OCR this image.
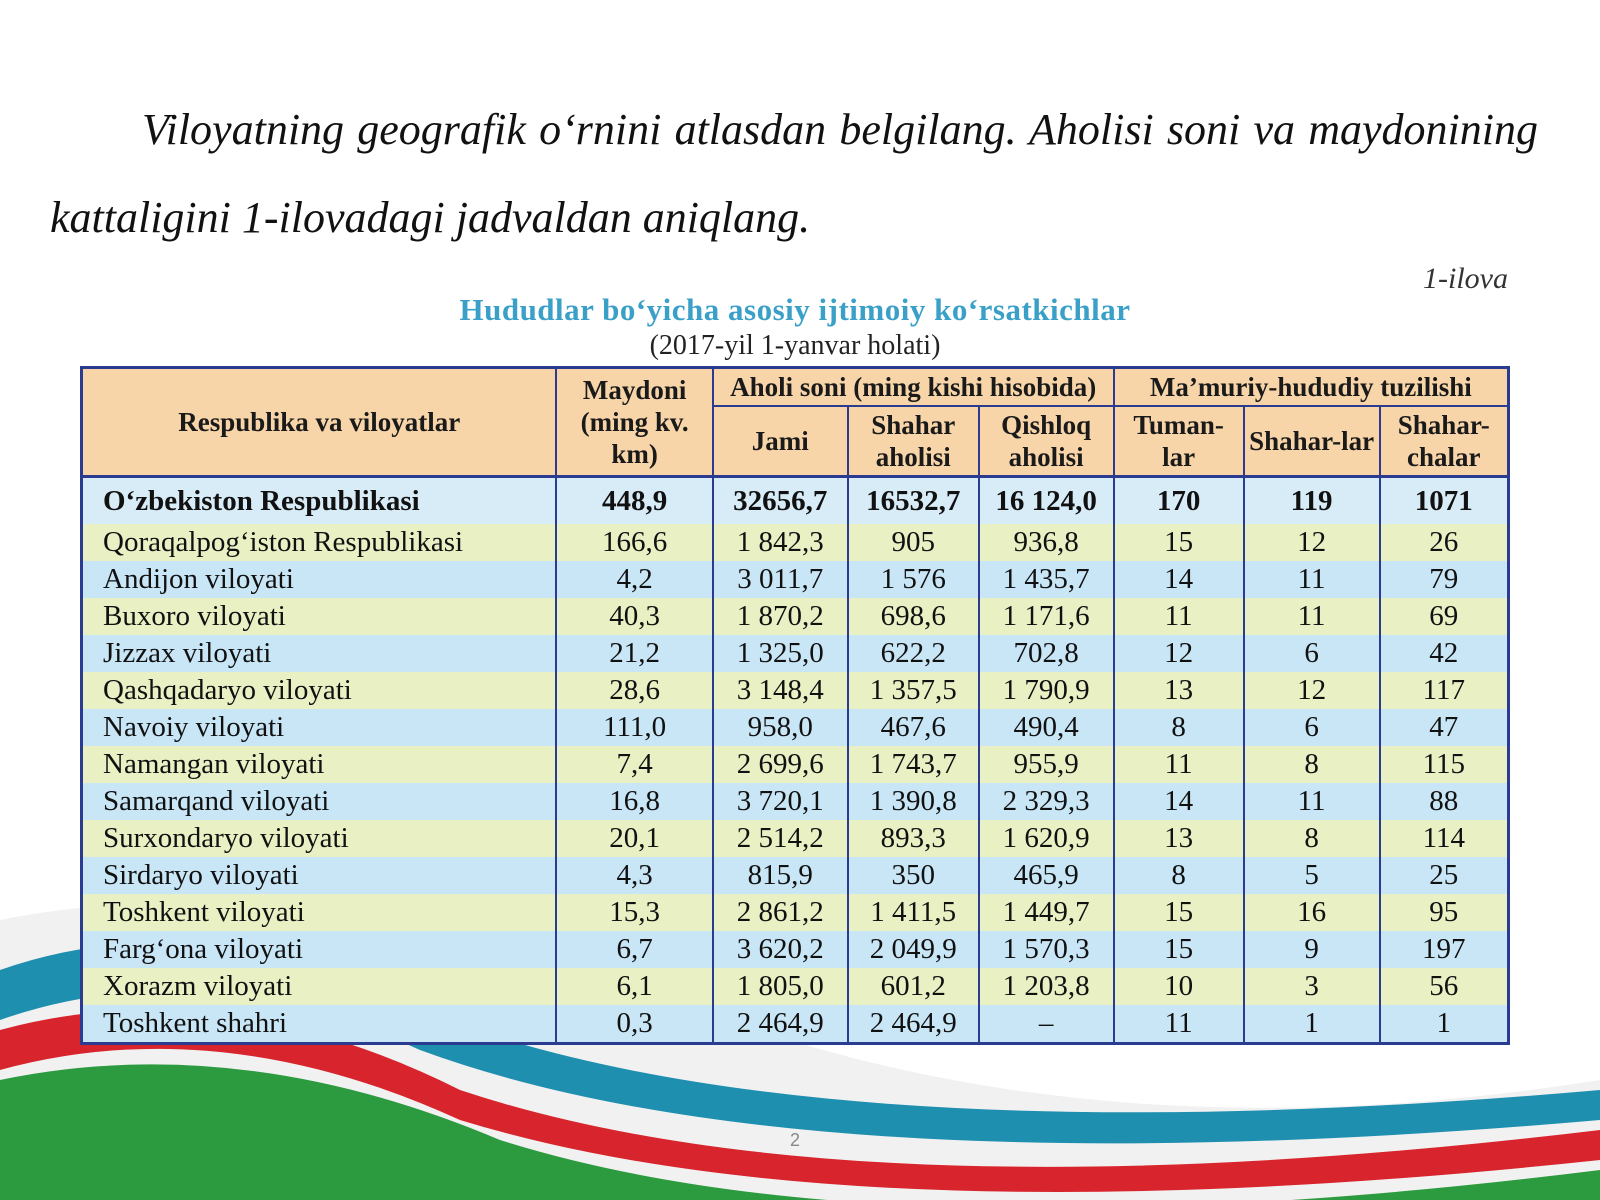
Viloyatning geografik o‘rnini atlasdan belgilang. Aholisi soni va maydonining kattaligini 1-ilovadagi jadvaldan aniqlang.

1-ilova
Hududlar bo‘yicha asosiy ijtimoiy ko‘rsatkichlar
(2017-yil 1-yanvar holati)
Respublika va viloyatlar	Maydoni (ming kv. km)	Aholi soni (ming kishi hisobida)			Ma’muriy-hududiy tuzilishi		
		Jami	Shahar aholisi	Qishloq aholisi	Tuman-lar	Shahar-lar	Shahar-chalar
O‘zbekiston Respublikasi	448,9	32656,7	16532,7	16 124,0	170	119	1071
Qoraqalpog‘iston Respublikasi	166,6	1 842,3	905	936,8	15	12	26
Andijon viloyati	4,2	3 011,7	1 576	1 435,7	14	11	79
Buxoro viloyati	40,3	1 870,2	698,6	1 171,6	11	11	69
Jizzax viloyati	21,2	1 325,0	622,2	702,8	12	6	42
Qashqadaryo viloyati	28,6	3 148,4	1 357,5	1 790,9	13	12	117
Navoiy viloyati	111,0	958,0	467,6	490,4	8	6	47
Namangan viloyati	7,4	2 699,6	1 743,7	955,9	11	8	115
Samarqand viloyati	16,8	3 720,1	1 390,8	2 329,3	14	11	88
Surxondaryo viloyati	20,1	2 514,2	893,3	1 620,9	13	8	114
Sirdaryo viloyati	4,3	815,9	350	465,9	8	5	25
Toshkent viloyati	15,3	2 861,2	1 411,5	1 449,7	15	16	95
Farg‘ona viloyati	6,7	3 620,2	2 049,9	1 570,3	15	9	197
Xorazm viloyati	6,1	1 805,0	601,2	1 203,8	10	3	56
Toshkent shahri	0,3	2 464,9	2 464,9	–	11	1	1
2
